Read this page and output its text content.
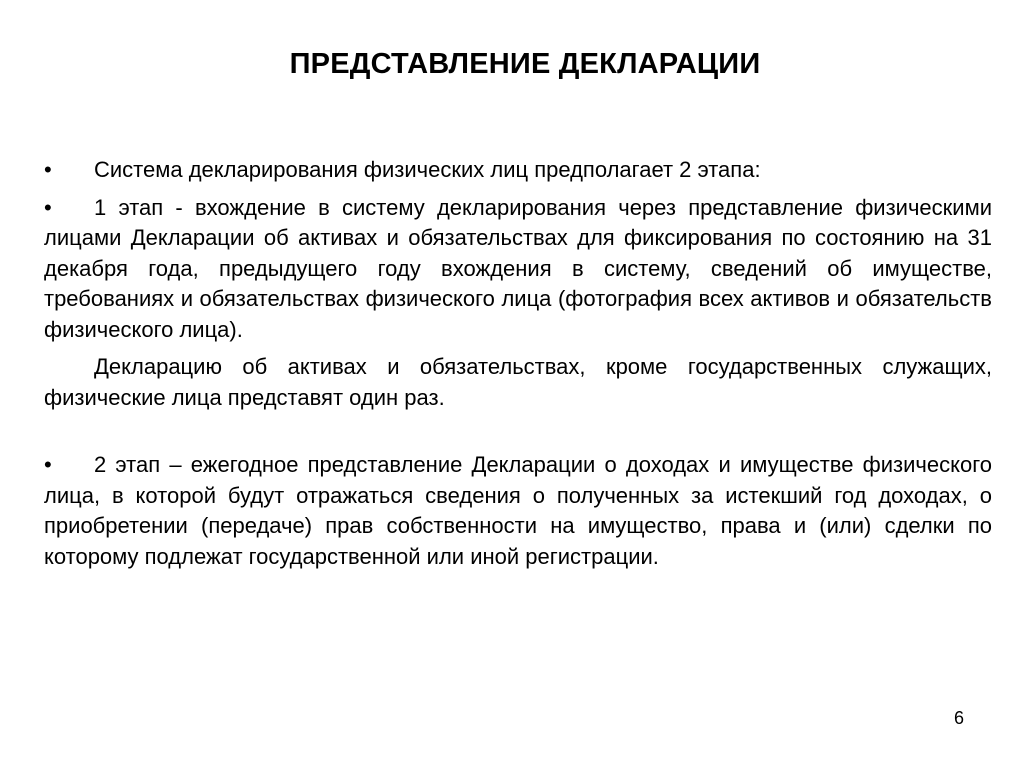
ПРЕДСТАВЛЕНИЕ ДЕКЛАРАЦИИ

• Система декларирования физических лиц предполагает 2 этапа:

• 1 этап - вхождение в систему декларирования через представление физическими лицами Декларации об активах и обязательствах для фиксирования по состоянию на 31 декабря года, предыдущего году вхождения в систему, сведений об имуществе, требованиях и обязательствах физического лица (фотография всех активов и обязательств физического лица).

Декларацию об активах и обязательствах, кроме государственных служащих, физические лица представят один раз.

• 2 этап – ежегодное представление Декларации о доходах и имуществе физического лица, в которой будут отражаться сведения о полученных за истекший год доходах, о приобретении (передаче) прав собственности на имущество, права и (или) сделки по которому подлежат государственной или иной регистрации.

6
